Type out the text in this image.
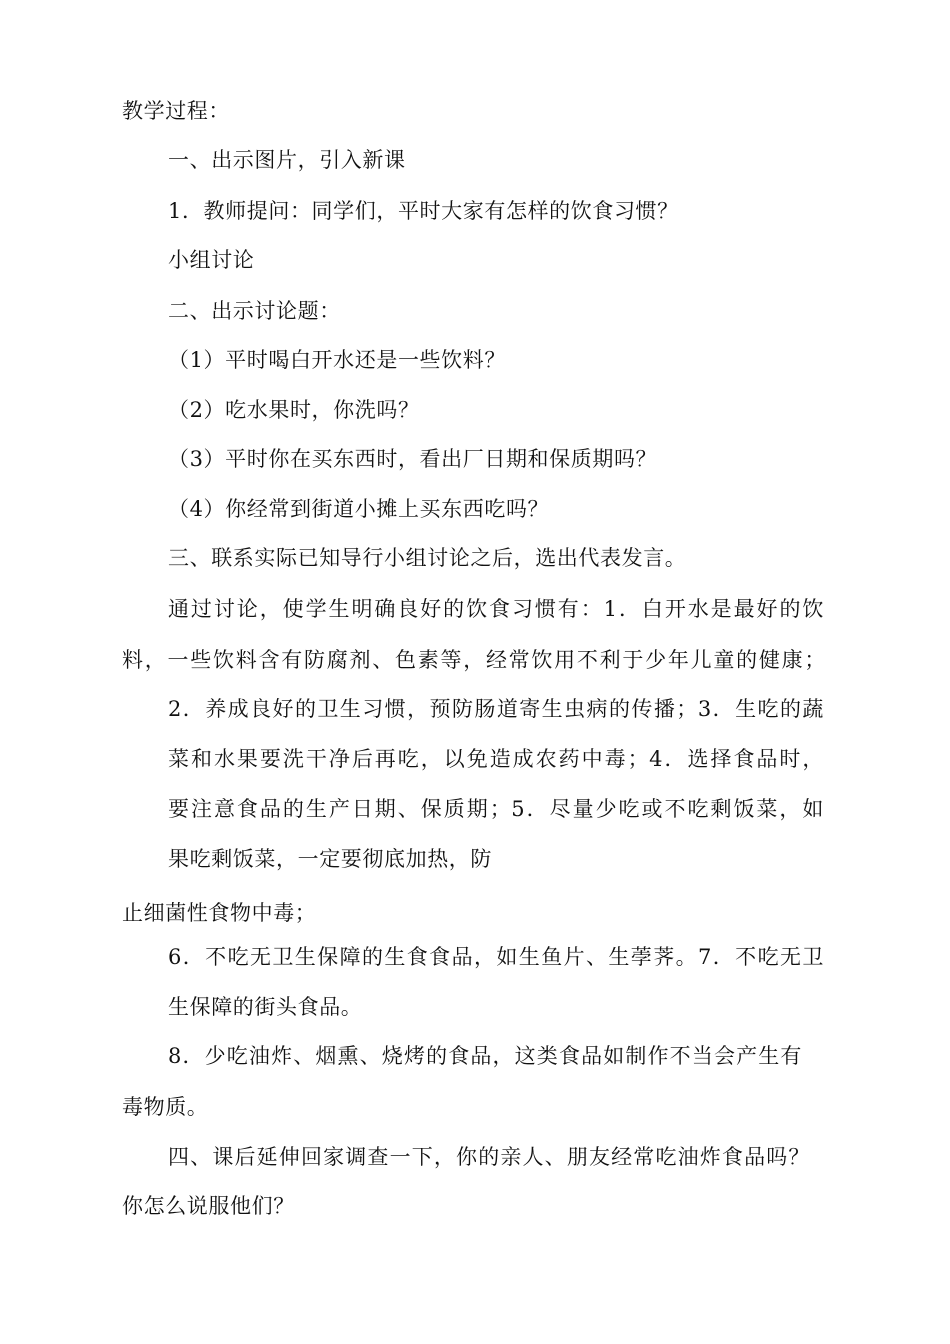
教学过程：
一、出示图片，引入新课
1．教师提问：同学们，平时大家有怎样的饮食习惯？
小组讨论
二、出示讨论题：
（1）平时喝白开水还是一些饮料？
（2）吃水果时，你洗吗？
（3）平时你在买东西时，看出厂日期和保质期吗？
（4）你经常到街道小摊上买东西吃吗？
三、联系实际已知导行小组讨论之后，选出代表发言。
通过讨论，使学生明确良好的饮食习惯有：1．白开水是最好的饮
料，一些饮料含有防腐剂、色素等，经常饮用不利于少年儿童的健康；
2．养成良好的卫生习惯，预防肠道寄生虫病的传播；3．生吃的蔬
菜和水果要洗干净后再吃，以免造成农药中毒；4．选择食品时，
要注意食品的生产日期、保质期；5．尽量少吃或不吃剩饭菜，如
果吃剩饭菜，一定要彻底加热，防
止细菌性食物中毒；
6．不吃无卫生保障的生食食品，如生鱼片、生荸荠。7．不吃无卫
生保障的街头食品。
8．少吃油炸、烟熏、烧烤的食品，这类食品如制作不当会产生有
毒物质。
四、课后延伸回家调查一下，你的亲人、朋友经常吃油炸食品吗？
你怎么说服他们？
